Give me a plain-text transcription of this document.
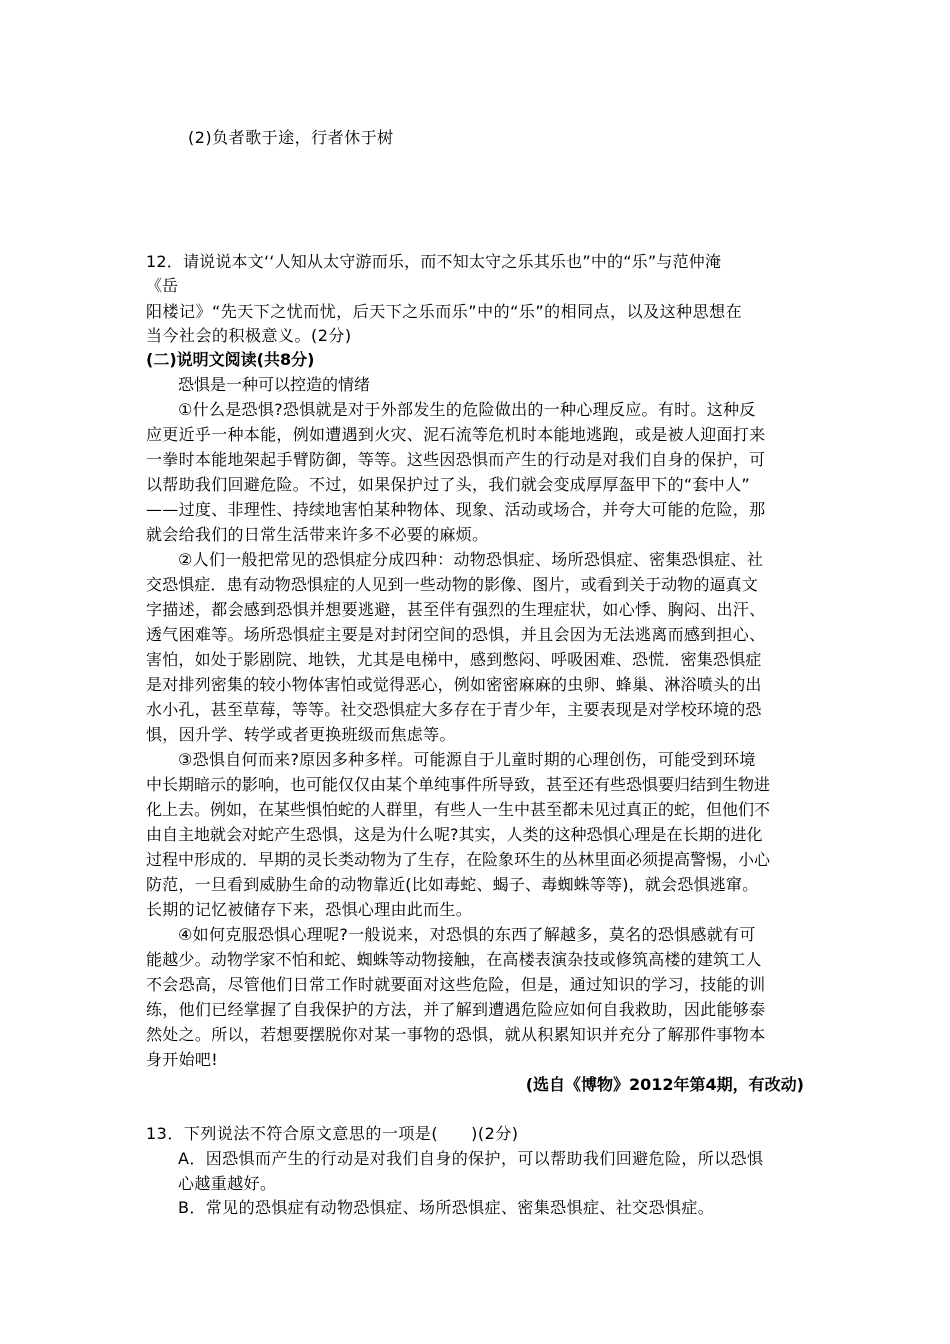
(2)负者歌于途，行者休于树
12．请说说本文‘‘人知从太守游而乐，而不知太守之乐其乐也”中的“乐”与范仲淹
《岳
阳楼记》“先天下之忧而忧，后天下之乐而乐”中的“乐”的相同点，以及这种思想在
当今社会的积极意义。(2分)
(二)说明文阅读(共8分)
恐惧是一种可以控造的情绪
①什么是恐惧?恐惧就是对于外部发生的危险做出的一种心理反应。有时。这种反
应更近乎一种本能，例如遭遇到火灾、泥石流等危机时本能地逃跑，或是被人迎面打来
一拳时本能地架起手臂防御，等等。这些因恐惧而产生的行动是对我们自身的保护，可
以帮助我们回避危险。不过，如果保护过了头，我们就会变成厚厚盔甲下的“套中人”
——过度、非理性、持续地害怕某种物体、现象、活动或场合，并夸大可能的危险，那
就会给我们的日常生活带来许多不必要的麻烦。
②人们一般把常见的恐惧症分成四种：动物恐惧症、场所恐惧症、密集恐惧症、社
交恐惧症．患有动物恐惧症的人见到一些动物的影像、图片，或看到关于动物的逼真文
字描述，都会感到恐惧并想要逃避，甚至伴有强烈的生理症状，如心悸、胸闷、出汗、
透气困难等。场所恐惧症主要是对封闭空间的恐惧，并且会因为无法逃离而感到担心、
害怕，如处于影剧院、地铁，尤其是电梯中，感到憋闷、呼吸困难、恐慌．密集恐惧症
是对排列密集的较小物体害怕或觉得恶心，例如密密麻麻的虫卵、蜂巢、淋浴喷头的出
水小孔，甚至草莓，等等。社交恐惧症大多存在于青少年，主要表现是对学校环境的恐
惧，因升学、转学或者更换班级而焦虑等。
③恐惧自何而来?原因多种多样。可能源自于儿童时期的心理创伤，可能受到环境
中长期暗示的影响，也可能仅仅由某个单纯事件所导致，甚至还有些恐惧要归结到生物进
化上去。例如，在某些惧怕蛇的人群里，有些人一生中甚至都未见过真正的蛇，但他们不
由自主地就会对蛇产生恐惧，这是为什么呢?其实，人类的这种恐惧心理是在长期的进化
过程中形成的．早期的灵长类动物为了生存，在险象环生的丛林里面必须提高警惕，小心
防范，一旦看到威胁生命的动物靠近(比如毒蛇、蝎子、毒蜘蛛等等)，就会恐惧逃窜。
长期的记忆被储存下来，恐惧心理由此而生。
④如何克服恐惧心理呢?一般说来，对恐惧的东西了解越多，莫名的恐惧感就有可
能越少。动物学家不怕和蛇、蜘蛛等动物接触，在高楼表演杂技或修筑高楼的建筑工人
不会恐高，尽管他们日常工作时就要面对这些危险，但是，通过知识的学习，技能的训
练，他们已经掌握了自我保护的方法，并了解到遭遇危险应如何自我救助，因此能够泰
然处之。所以，若想要摆脱你对某一事物的恐惧，就从积累知识并充分了解那件事物本
身开始吧!
(选自《博物》2012年第4期，有改动)
13．下列说法不符合原文意思的一项是(　　)(2分)
A．因恐惧而产生的行动是对我们自身的保护，可以帮助我们回避危险，所以恐惧
心越重越好。
B．常见的恐惧症有动物恐惧症、场所恐惧症、密集恐惧症、社交恐惧症。
